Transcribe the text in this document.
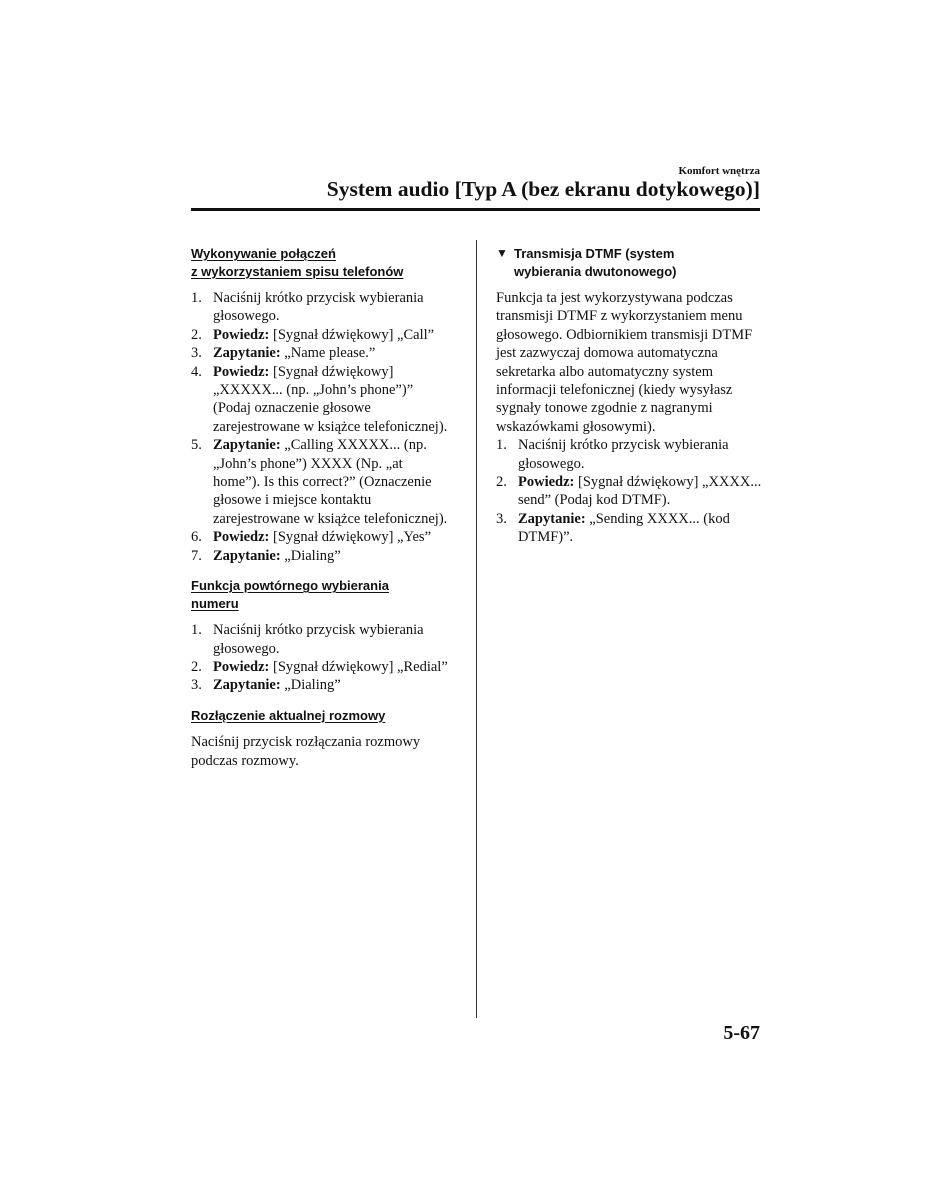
Komfort wnętrza
System audio [Typ A (bez ekranu dotykowego)]
Wykonywanie połączeń
z wykorzystaniem spisu telefonów
1. Naciśnij krótko przycisk wybierania głosowego.
2. Powiedz: [Sygnał dźwiękowy] „Call”
3. Zapytanie: „Name please.”
4. Powiedz: [Sygnał dźwiękowy] „XXXXX... (np. „John’s phone”)” (Podaj oznaczenie głosowe zarejestrowane w książce telefonicznej).
5. Zapytanie: „Calling XXXXX... (np. „John’s phone”) XXXX (Np. „at home”). Is this correct?” (Oznaczenie głosowe i miejsce kontaktu zarejestrowane w książce telefonicznej).
6. Powiedz: [Sygnał dźwiękowy] „Yes”
7. Zapytanie: „Dialing”
Funkcja powtórnego wybierania
numeru
1. Naciśnij krótko przycisk wybierania głosowego.
2. Powiedz: [Sygnał dźwiękowy] „Redial”
3. Zapytanie: „Dialing”
Rozłączenie aktualnej rozmowy

Naciśnij przycisk rozłączania rozmowy podczas rozmowy.

▼ Transmisja DTMF (system
wybierania dwutonowego)

Funkcja ta jest wykorzystywana podczas transmisji DTMF z wykorzystaniem menu głosowego. Odbiornikiem transmisji DTMF jest zazwyczaj domowa automatyczna sekretarka albo automatyczny system informacji telefonicznej (kiedy wysyłasz sygnały tonowe zgodnie z nagranymi wskazówkami głosowymi).

1. Naciśnij krótko przycisk wybierania głosowego.
2. Powiedz: [Sygnał dźwiękowy] „XXXX... send” (Podaj kod DTMF).
3. Zapytanie: „Sending XXXX... (kod DTMF)”.
5-67
